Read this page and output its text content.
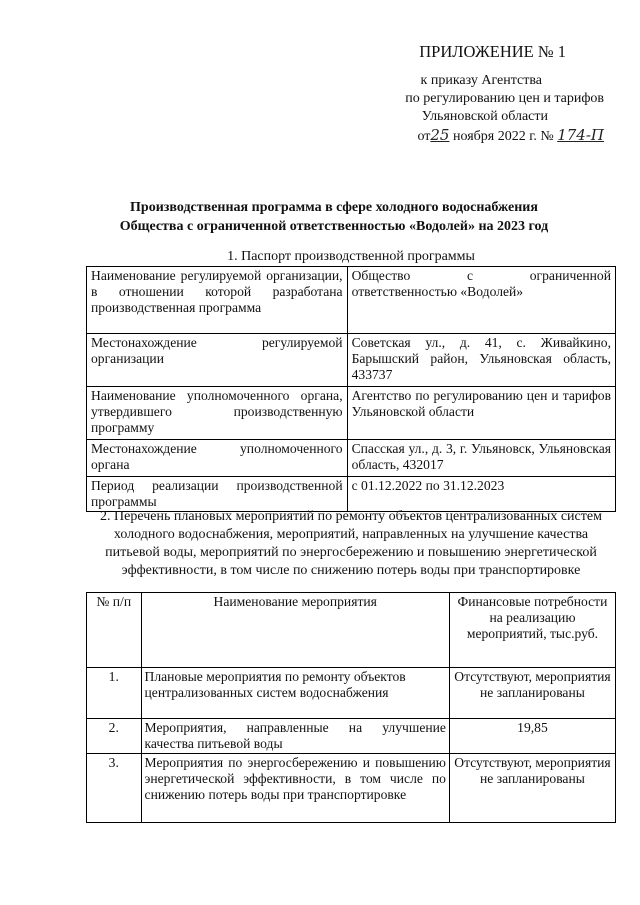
ПРИЛОЖЕНИЕ № 1
к приказу Агентства
по регулированию цен и тарифов
Ульяновской области
от25 ноября 2022 г. № 174-П
Производственная программа в сфере холодного водоснабжения
Общества с ограниченной ответственностью «Водолей» на 2023 год
1. Паспорт производственной программы
Наименование регулируемой организации, в отношении которой разработана производственная программа	Общество с ограниченной ответственностью «Водолей»
Местонахождение регулируемой организации	Советская ул., д. 41, с. Живайкино, Барышский район, Ульяновская область, 433737
Наименование уполномоченного органа, утвердившего производственную программу	Агентство по регулированию цен и тарифов Ульяновской области
Местонахождение уполномоченного органа	Спасская ул., д. 3, г. Ульяновск, Ульяновская область, 432017
Период реализации производственной программы	с 01.12.2022 по 31.12.2023
2. Перечень плановых мероприятий по ремонту объектов централизованных систем холодного водоснабжения, мероприятий, направленных на улучшение качества питьевой воды, мероприятий по энергосбережению и повышению энергетической эффективности, в том числе по снижению потерь воды при транспортировке
№ п/п	Наименование мероприятия	Финансовые потребности на реализацию мероприятий, тыс.руб.
1.	Плановые мероприятия по ремонту объектов централизованных систем водоснабжения	Отсутствуют, мероприятия не запланированы
2.	Мероприятия, направленные на улучшение качества питьевой воды	19,85
3.	Мероприятия по энергосбережению и повышению энергетической эффективности, в том числе по снижению потерь воды при транспортировке	Отсутствуют, мероприятия не запланированы
